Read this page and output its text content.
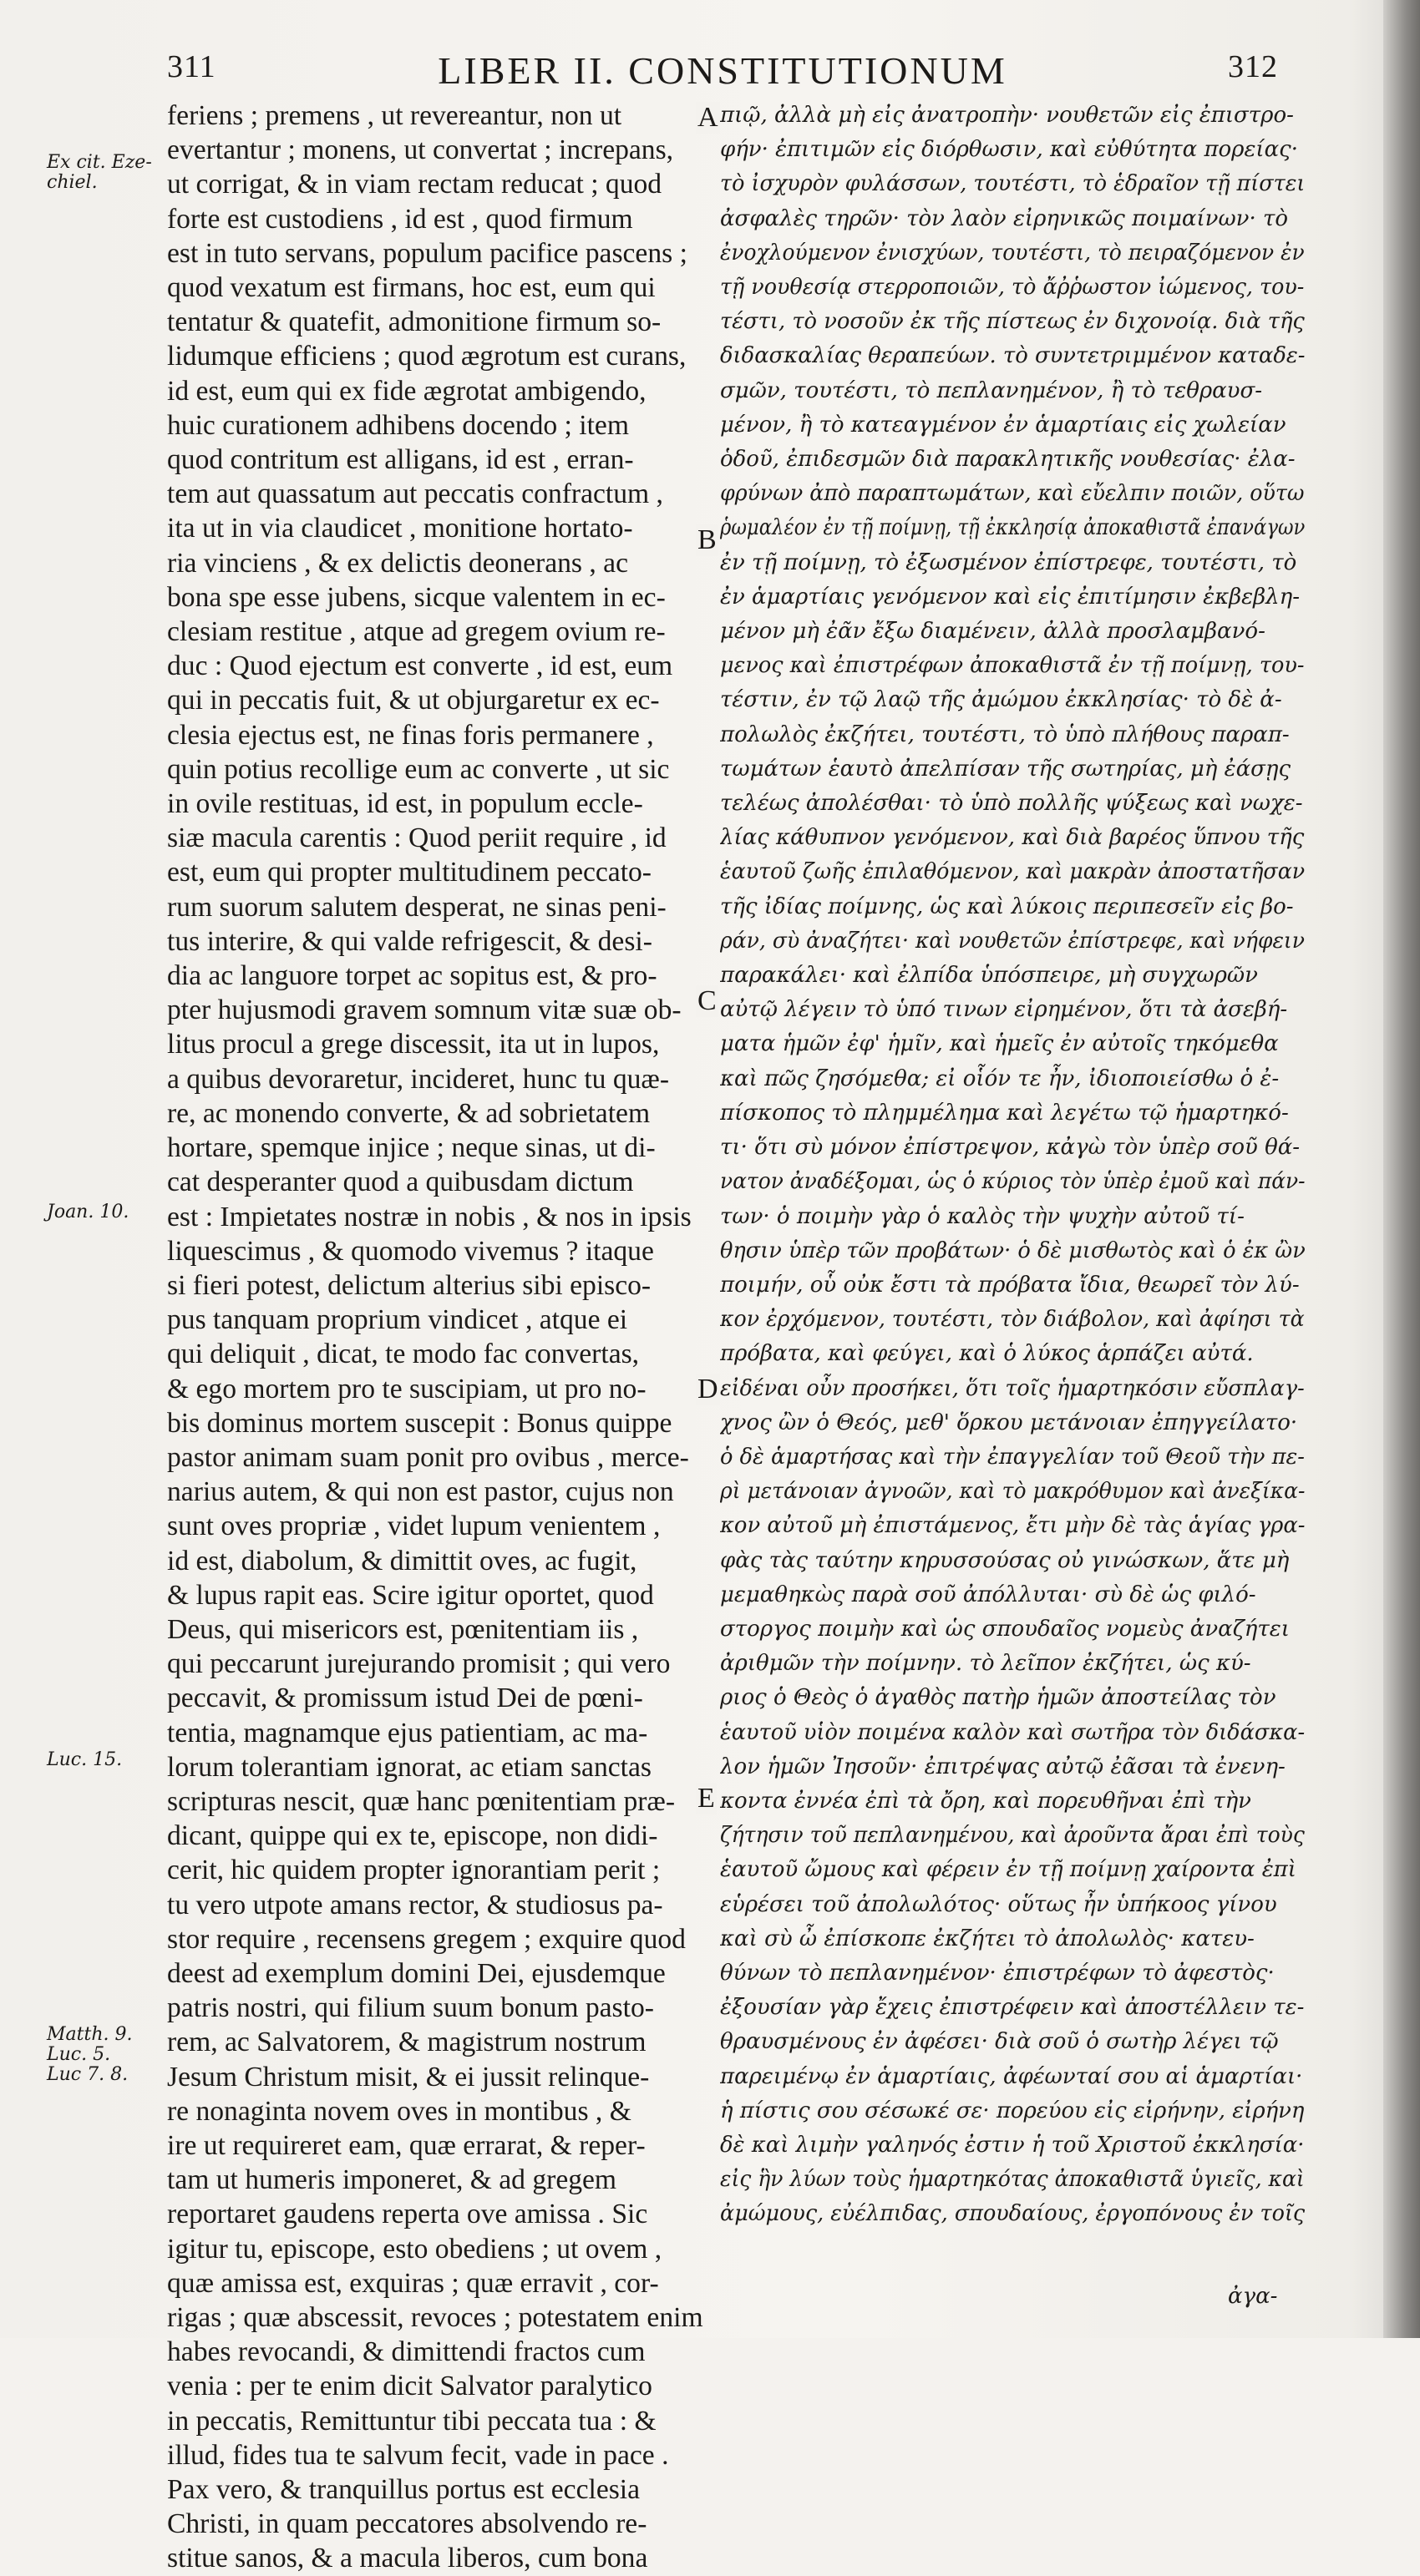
311	LIBER II. CONSTITUTIONUM	312
Ex cit. Eze-
chiel.
Joan. 10.
Luc. 15.
Matth. 9.
Luc. 5.
Luc 7. 8.
feriens ; premens , ut revereantur, non ut
evertantur ; monens, ut convertat ; increpans,
ut corrigat, & in viam rectam reducat ; quod
forte est custodiens , id est , quod firmum
est in tuto servans, populum pacifice pascens ;
quod vexatum est firmans, hoc est, eum qui
tentatur & quatefit, admonitione firmum so-
lidumque efficiens ; quod ægrotum est curans,
id est, eum qui ex fide ægrotat ambigendo,
huic curationem adhibens docendo ; item
quod contritum est alligans, id est , erran-
tem aut quassatum aut peccatis confractum ,
ita ut in via claudicet , monitione hortato-
ria vinciens , & ex delictis deonerans , ac
bona spe esse jubens, sicque valentem in ec-
clesiam restitue , atque ad gregem ovium re-
duc : Quod ejectum est converte , id est, eum
qui in peccatis fuit, & ut objurgaretur ex ec-
clesia ejectus est, ne finas foris permanere ,
quin potius recollige eum ac converte , ut sic
in ovile restituas, id est, in populum eccle-
siæ macula carentis : Quod periit require , id
est, eum qui propter multitudinem peccato-
rum suorum salutem desperat, ne sinas peni-
tus interire, & qui valde refrigescit, & desi-
dia ac languore torpet ac sopitus est, & pro-
pter hujusmodi gravem somnum vitæ suæ ob-
litus procul a grege discessit, ita ut in lupos,
a quibus devoraretur, incideret, hunc tu quæ-
re, ac monendo converte, & ad sobrietatem
hortare, spemque injice ; neque sinas, ut di-
cat desperanter quod a quibusdam dictum
est : Impietates nostræ in nobis , & nos in ipsis
liquescimus , & quomodo vivemus ? itaque
si fieri potest, delictum alterius sibi episco-
pus tanquam proprium vindicet , atque ei
qui deliquit , dicat, te modo fac convertas,
& ego mortem pro te suscipiam, ut pro no-
bis dominus mortem suscepit : Bonus quippe
pastor animam suam ponit pro ovibus , merce-
narius autem, & qui non est pastor, cujus non
sunt oves propriæ , videt lupum venientem ,
id est, diabolum, & dimittit oves, ac fugit,
& lupus rapit eas. Scire igitur oportet, quod
Deus, qui misericors est, pœnitentiam iis ,
qui peccarunt jurejurando promisit ; qui vero
peccavit, & promissum istud Dei de pœni-
tentia, magnamque ejus patientiam, ac ma-
lorum tolerantiam ignorat, ac etiam sanctas
scripturas nescit, quæ hanc pœnitentiam præ-
dicant, quippe qui ex te, episcope, non didi-
cerit, hic quidem propter ignorantiam perit ;
tu vero utpote amans rector, & studiosus pa-
stor require , recensens gregem ; exquire quod
deest ad exemplum domini Dei, ejusdemque
patris nostri, qui filium suum bonum pasto-
rem, ac Salvatorem, & magistrum nostrum
Jesum Christum misit, & ei jussit relinque-
re nonaginta novem oves in montibus , &
ire ut requireret eam, quæ errarat, & reper-
tam ut humeris imponeret, & ad gregem
reportaret gaudens reperta ove amissa . Sic
igitur tu, episcope, esto obediens ; ut ovem ,
quæ amissa est, exquiras ; quæ erravit , cor-
rigas ; quæ abscessit, revoces ; potestatem enim
habes revocandi, & dimittendi fractos cum
venia : per te enim dicit Salvator paralytico
in peccatis, Remittuntur tibi peccata tua : &
illud, fides tua te salvum fecit, vade in pace .
Pax vero, & tranquillus portus est ecclesia
Christi, in quam peccatores absolvendo re-
stitue sanos, & a macula liberos, cum bona
πιῷ, ἀλλὰ μὴ εἰς ἀνατροπὴν· νουθετῶν εἰς ἐπιστρο-
φήν· ἐπιτιμῶν εἰς διόρθωσιν, καὶ εὐθύτητα πορείας·
τὸ ἰσχυρὸν φυλάσσων, τουτέστι, τὸ ἑδραῖον τῇ πίστει
ἀσφαλὲς τηρῶν· τὸν λαὸν εἰρηνικῶς ποιμαίνων· τὸ
ἐνοχλούμενον ἐνισχύων, τουτέστι, τὸ πειραζόμενον ἐν
τῇ νουθεσίᾳ στερροποιῶν, τὸ ἄῤῥωστον ἰώμενος, του-
τέστι, τὸ νοσοῦν ἐκ τῆς πίστεως ἐν διχονοίᾳ. διὰ τῆς
διδασκαλίας θεραπεύων. τὸ συντετριμμένον καταδε-
σμῶν, τουτέστι, τὸ πεπλανημένον, ἢ τὸ τεθραυσ-
μένον, ἢ τὸ κατεαγμένον ἐν ἁμαρτίαις εἰς χωλείαν
ὁδοῦ, ἐπιδεσμῶν διὰ παρακλητικῆς νουθεσίας· ἐλα-
φρύνων ἀπὸ παραπτωμάτων, καὶ εὔελπιν ποιῶν, οὕτω
ῥωμαλέον ἐν τῇ ποίμνῃ, τῇ ἐκκλησίᾳ ἀποκαθιστᾶ ἐπανάγων
ἐν τῇ ποίμνῃ, τὸ ἐξωσμένον ἐπίστρεφε, τουτέστι, τὸ
ἐν ἁμαρτίαις γενόμενον καὶ εἰς ἐπιτίμησιν ἐκβεβλη-
μένον μὴ ἐᾶν ἔξω διαμένειν, ἀλλὰ προσλαμβανό-
μενος καὶ ἐπιστρέφων ἀποκαθιστᾶ ἐν τῇ ποίμνῃ, του-
τέστιν, ἐν τῷ λαῷ τῆς ἀμώμου ἐκκλησίας· τὸ δὲ ἀ-
πολωλὸς ἐκζήτει, τουτέστι, τὸ ὑπὸ πλήθους παραπ-
τωμάτων ἑαυτὸ ἀπελπίσαν τῆς σωτηρίας, μὴ ἐάσῃς
τελέως ἀπολέσθαι· τὸ ὑπὸ πολλῆς ψύξεως καὶ νωχε-
λίας κάθυπνον γενόμενον, καὶ διὰ βαρέος ὕπνου τῆς
ἑαυτοῦ ζωῆς ἐπιλαθόμενον, καὶ μακρὰν ἀποστατῆσαν
τῆς ἰδίας ποίμνης, ὡς καὶ λύκοις περιπεσεῖν εἰς βο-
ράν, σὺ ἀναζήτει· καὶ νουθετῶν ἐπίστρεφε, καὶ νήφειν
παρακάλει· καὶ ἐλπίδα ὑπόσπειρε, μὴ συγχωρῶν
αὐτῷ λέγειν τὸ ὑπό τινων εἰρημένον, ὅτι τὰ ἀσεβή-
ματα ἡμῶν ἐφ' ἡμῖν, καὶ ἡμεῖς ἐν αὐτοῖς τηκόμεθα
καὶ πῶς ζησόμεθα; εἰ οἷόν τε ἦν, ἰδιοποιείσθω ὁ ἐ-
πίσκοπος τὸ πλημμέλημα καὶ λεγέτω τῷ ἡμαρτηκό-
τι· ὅτι σὺ μόνον ἐπίστρεψον, κἀγὼ τὸν ὑπὲρ σοῦ θά-
νατον ἀναδέξομαι, ὡς ὁ κύριος τὸν ὑπὲρ ἐμοῦ καὶ πάν-
των· ὁ ποιμὴν γὰρ ὁ καλὸς τὴν ψυχὴν αὐτοῦ τί-
θησιν ὑπὲρ τῶν προβάτων· ὁ δὲ μισθωτὸς καὶ ὁ ἐκ ὢν
ποιμήν, οὗ οὐκ ἔστι τὰ πρόβατα ἴδια, θεωρεῖ τὸν λύ-
κον ἐρχόμενον, τουτέστι, τὸν διάβολον, καὶ ἀφίησι τὰ
πρόβατα, καὶ φεύγει, καὶ ὁ λύκος ἁρπάζει αὐτά.
εἰδέναι οὖν προσήκει, ὅτι τοῖς ἡμαρτηκόσιν εὔσπλαγ-
χνος ὢν ὁ Θεός, μεθ' ὅρκου μετάνοιαν ἐπηγγείλατο·
ὁ δὲ ἁμαρτήσας καὶ τὴν ἐπαγγελίαν τοῦ Θεοῦ τὴν πε-
ρὶ μετάνοιαν ἀγνοῶν, καὶ τὸ μακρόθυμον καὶ ἀνεξίκα-
κον αὐτοῦ μὴ ἐπιστάμενος, ἔτι μὴν δὲ τὰς ἁγίας γρα-
φὰς τὰς ταύτην κηρυσσούσας οὐ γινώσκων, ἅτε μὴ
μεμαθηκὼς παρὰ σοῦ ἀπόλλυται· σὺ δὲ ὡς φιλό-
στοργος ποιμὴν καὶ ὡς σπουδαῖος νομεὺς ἀναζήτει
ἀριθμῶν τὴν ποίμνην. τὸ λεῖπον ἐκζήτει, ὡς κύ-
ριος ὁ Θεὸς ὁ ἀγαθὸς πατὴρ ἡμῶν ἀποστείλας τὸν
ἑαυτοῦ υἱὸν ποιμένα καλὸν καὶ σωτῆρα τὸν διδάσκα-
λον ἡμῶν Ἰησοῦν· ἐπιτρέψας αὐτῷ ἐᾶσαι τὰ ἐνενη-
κοντα ἐννέα ἐπὶ τὰ ὄρη, καὶ πορευθῆναι ἐπὶ τὴν
ζήτησιν τοῦ πεπλανημένου, καὶ ἀροῦντα ἄραι ἐπὶ τοὺς
ἑαυτοῦ ὤμους καὶ φέρειν ἐν τῇ ποίμνῃ χαίροντα ἐπὶ
εὑρέσει τοῦ ἀπολωλότος· οὕτως ἦν ὑπήκοος γίνου
καὶ σὺ ὦ ἐπίσκοπε ἐκζήτει τὸ ἀπολωλὸς· κατευ-
θύνων τὸ πεπλανημένον· ἐπιστρέφων τὸ ἀφεστὸς·
ἐξουσίαν γὰρ ἔχεις ἐπιστρέφειν καὶ ἀποστέλλειν τε-
θραυσμένους ἐν ἀφέσει· διὰ σοῦ ὁ σωτὴρ λέγει τῷ
παρειμένῳ ἐν ἁμαρτίαις, ἀφέωνταί σου αἱ ἁμαρτίαι·
ἡ πίστις σου σέσωκέ σε· πορεύου εἰς εἰρήνην, εἰρήνη
δὲ καὶ λιμὴν γαληνός ἐστιν ἡ τοῦ Χριστοῦ ἐκκλησία·
εἰς ἣν λύων τοὺς ἡμαρτηκότας ἀποκαθιστᾶ ὑγιεῖς, καὶ
ἀμώμους, εὐέλπιδας, σπουδαίους, ἐργοπόνους ἐν τοῖς
A
B
C
D
E
ἀγα-
